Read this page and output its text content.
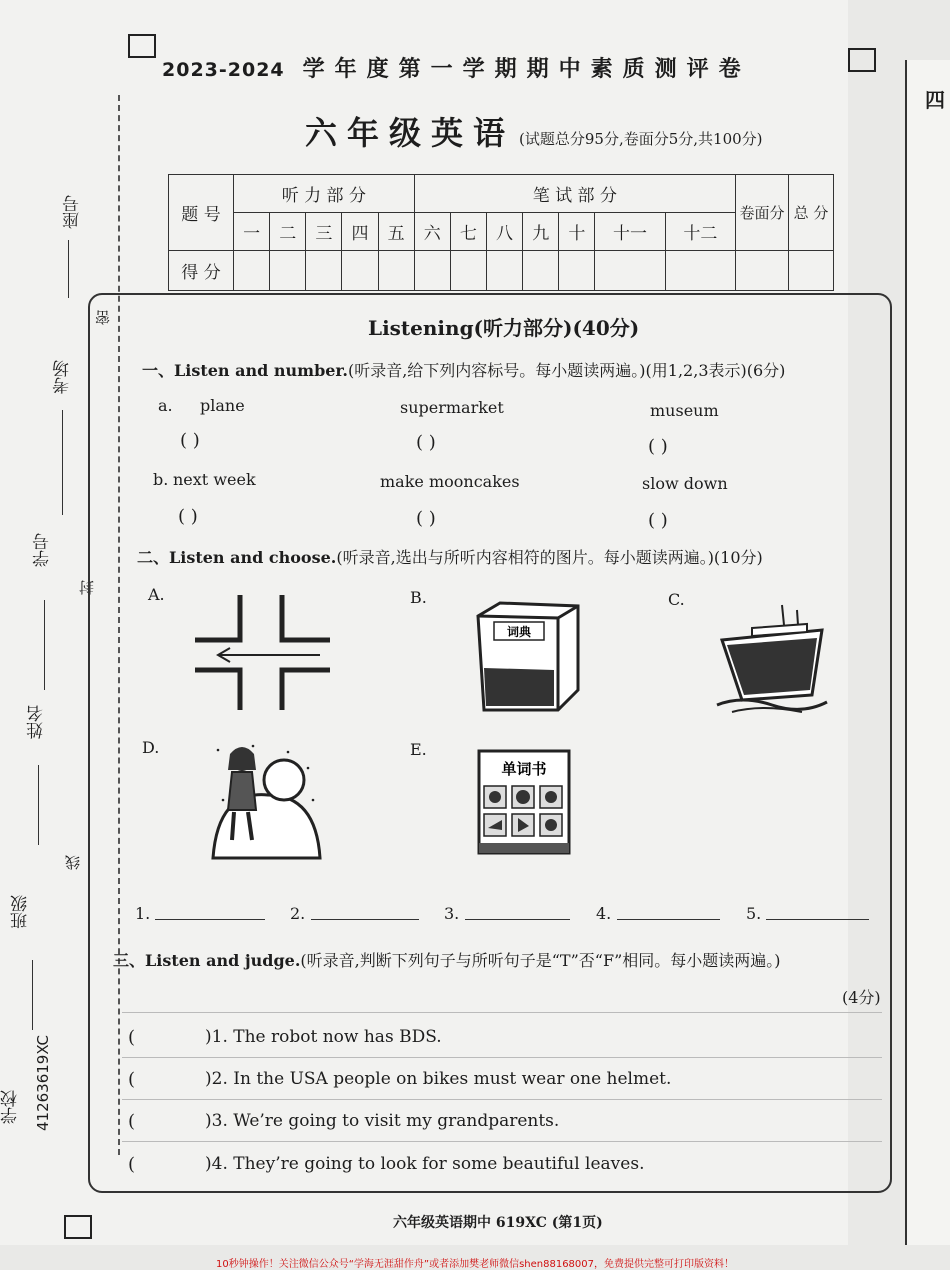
座号
考场
学号
姓名
班级
学校
密
封
线
41263619XC
2023-2024 学年度第一学期期中素质测评卷
六年级英语 (试题总分95分,卷面分5分,共100分)
题 号	听 力 部 分					笔 试 部 分							卷面分	总 分
	一	二	三	四	五	六	七	八	九	十	十一	十二		
得 分														
Listening(听力部分)(40分)
一、Listen and number.(听录音,给下列内容标号。每小题读两遍。)(用1,2,3表示)(6分)
a. plane	supermarket	museum
( )	( )	( )
b. next week	make mooncakes	slow down
( )	( )	( )
二、Listen and choose.(听录音,选出与所听内容相符的图片。每小题读两遍。)(10分)
A.	B.	C.
D.	E.
词典
单词书
1.	2.	3.	4.	5.
三、Listen and judge.(听录音,判断下列句子与所听句子是“T”否“F”相同。每小题读两遍。)
(4分)
(	)1. The robot now has BDS.
(	)2. In the USA people on bikes must wear one helmet.
(	)3. We’re going to visit my grandparents.
(	)4. They’re going to look for some beautiful leaves.
六年级英语期中 619XC (第1页)
四
10秒钟操作！关注微信公众号“学海无涯甜作舟”或者添加樊老师微信shen88168007，免费提供完整可打印版资料！
